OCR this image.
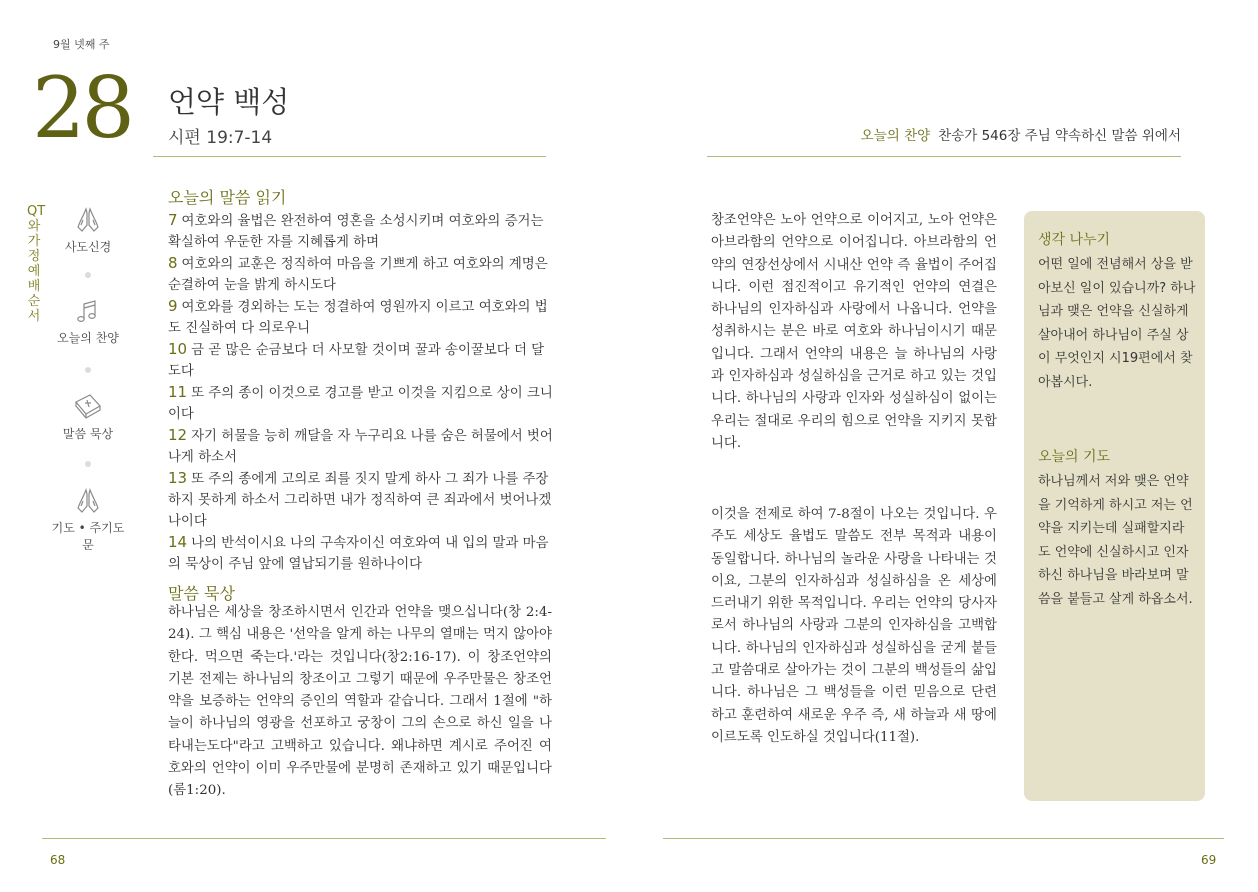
9월 넷째 주
28 언약 백성
시편 19:7-14
QT와 가정예배 순서
사도신경
오늘의 찬양
말씀 묵상
기도 • 주기도문
오늘의 말씀 읽기

7 여호와의 율법은 완전하여 영혼을 소성시키며 여호와의 증거는 확실하여 우둔한 자를 지혜롭게 하며

8 여호와의 교훈은 정직하여 마음을 기쁘게 하고 여호와의 계명은 순결하여 눈을 밝게 하시도다

9 여호와를 경외하는 도는 정결하여 영원까지 이르고 여호와의 법도 진실하여 다 의로우니

10 금 곧 많은 순금보다 더 사모할 것이며 꿀과 송이꿀보다 더 달도다

11 또 주의 종이 이것으로 경고를 받고 이것을 지킴으로 상이 크니이다

12 자기 허물을 능히 깨달을 자 누구리요 나를 숨은 허물에서 벗어나게 하소서

13 또 주의 종에게 고의로 죄를 짓지 말게 하사 그 죄가 나를 주장하지 못하게 하소서 그리하면 내가 정직하여 큰 죄과에서 벗어나겠나이다

14 나의 반석이시요 나의 구속자이신 여호와여 내 입의 말과 마음의 묵상이 주님 앞에 열납되기를 원하나이다

말씀 묵상

하나님은 세상을 창조하시면서 인간과 언약을 맺으십니다(창 2:4-24). 그 핵심 내용은 '선악을 알게 하는 나무의 열매는 먹지 않아야 한다. 먹으면 죽는다.'라는 것입니다(창2:16-17). 이 창조언약의 기본 전제는 하나님의 창조이고 그렇기 때문에 우주만물은 창조언약을 보증하는 언약의 증인의 역할과 같습니다. 그래서 1절에 "하늘이 하나님의 영광을 선포하고 궁창이 그의 손으로 하신 일을 나타내는도다"라고 고백하고 있습니다. 왜냐하면 계시로 주어진 여호와의 언약이 이미 우주만물에 분명히 존재하고 있기 때문입니다(롬1:20).

68
오늘의 찬양 찬송가 546장 주님 약속하신 말씀 위에서

창조언약은 노아 언약으로 이어지고, 노아 언약은 아브라함의 언약으로 이어집니다. 아브라함의 언약의 연장선상에서 시내산 언약 즉 율법이 주어집니다. 이런 점진적이고 유기적인 언약의 연결은 하나님의 인자하심과 사랑에서 나옵니다. 언약을 성취하시는 분은 바로 여호와 하나님이시기 때문입니다. 그래서 언약의 내용은 늘 하나님의 사랑과 인자하심과 성실하심을 근거로 하고 있는 것입니다. 하나님의 사랑과 인자와 성실하심이 없이는 우리는 절대로 우리의 힘으로 언약을 지키지 못합니다.

이것을 전제로 하여 7-8절이 나오는 것입니다. 우주도 세상도 율법도 말씀도 전부 목적과 내용이 동일합니다. 하나님의 놀라운 사랑을 나타내는 것이요, 그분의 인자하심과 성실하심을 온 세상에 드러내기 위한 목적입니다. 우리는 언약의 당사자로서 하나님의 사랑과 그분의 인자하심을 고백합니다. 하나님의 인자하심과 성실하심을 굳게 붙들고 말씀대로 살아가는 것이 그분의 백성들의 삶입니다. 하나님은 그 백성들을 이런 믿음으로 단련하고 훈련하여 새로운 우주 즉, 새 하늘과 새 땅에 이르도록 인도하실 것입니다(11절).

생각 나누기

어떤 일에 전념해서 상을 받아보신 일이 있습니까? 하나님과 맺은 언약을 신실하게 살아내어 하나님이 주실 상이 무엇인지 시19편에서 찾아봅시다.

오늘의 기도

하나님께서 저와 맺은 언약을 기억하게 하시고 저는 언약을 지키는데 실패할지라도 언약에 신실하시고 인자하신 하나님을 바라보며 말씀을 붙들고 살게 하옵소서.

69
